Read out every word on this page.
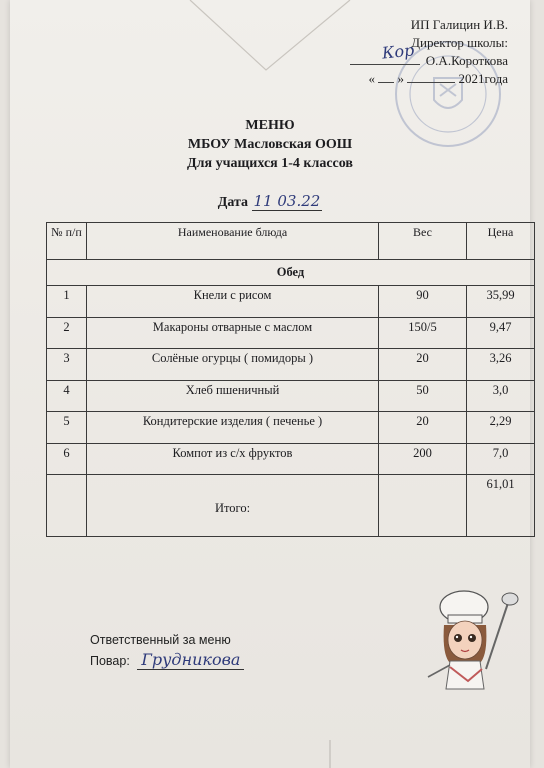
ИП Галицин И.В.
Директор школы:
О.А.Короткова
« »	2021года
Кор
МЕНЮ
МБОУ Масловская ООШ
Для учащихся 1-4 классов
Дата 11 03.22
№ п/п	Наименование блюда	Вес	Цена
Обед			
1	Кнели с рисом	90	35,99
2	Макароны отварные с маслом	150/5	9,47
3	Солёные огурцы ( помидоры )	20	3,26
4	Хлеб пшеничный	50	3,0
5	Кондитерские изделия ( печенье )	20	2,29
6	Компот из с/х фруктов	200	7,0
	Итого:		61,01
Ответственный за меню
Повар: Грудникова
